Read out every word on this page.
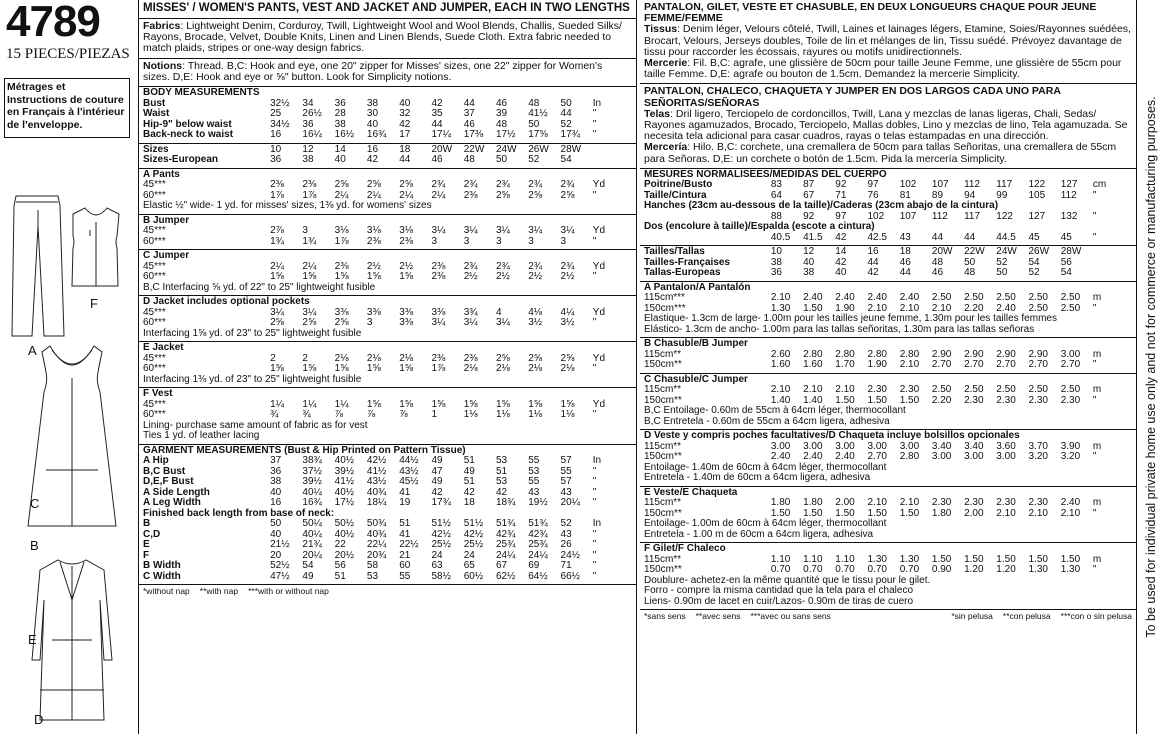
4789
15 PIECES/PIEZAS
Métrages et Instructions de couture en Français à l'intérieur de l'enveloppe.
A
F
C
B
E
D
MISSES' / WOMEN'S PANTS, VEST AND JACKET AND JUMPER, EACH IN TWO LENGTHS
Fabrics: Lightweight Denim, Corduroy, Twill, Lightweight Wool and Wool Blends, Challis, Sueded Silks/ Rayons, Brocade, Velvet, Double Knits, Linen and Linen Blends, Suede Cloth. Extra fabric needed to match plaids, stripes or one-way design fabrics.
Notions: Thread. B,C: Hook and eye, one 20" zipper for Misses' sizes, one 22" zipper for Women's sizes. D,E: Hook and eye or ⅝" button. Look for Simplicity notions.
BODY MEASUREMENTS											
Bust	32½	34	36	38	40	42	44	46	48	50	In
Waist	25	26½	28	30	32	35	37	39	41½	44	"
Hip-9" below waist	34½	36	38	40	42	44	46	48	50	52	"
Back-neck to waist	16	16¼	16½	16¾	17	17¼	17⅜	17½	17⅝	17¾	"
Sizes	10	12	14	16	18	20W	22W	24W	26W	28W	
Sizes-European	36	38	40	42	44	46	48	50	52	54	
A Pants											
45***	2⅜	2⅜	2⅝	2⅝	2⅝	2¾	2¾	2¾	2¾	2¾	Yd
60***	1⅞	1⅞	2¼	2¼	2¼	2¼	2⅜	2⅝	2⅝	2⅝	"
Elastic ½" wide- 1 yd. for misses' sizes, 1⅜ yd. for womens' sizes											
B Jumper											
45***	2⅞	3	3⅛	3⅛	3⅛	3¼	3¼	3¼	3¼	3¼	Yd
60***	1¾	1¾	1⅞	2⅜	2⅜	3	3	3	3	3	"
C Jumper											
45***	2¼	2¼	2⅜	2½	2½	2⅜	2¾	2¾	2¾	2¾	Yd
60***	1⅝	1⅝	1⅝	1⅝	1⅝	2⅜	2½	2½	2½	2½	"
B,C Interfacing ⅝ yd. of 22" to 25" lightweight fusible											
D Jacket includes optional pockets											
45***	3¼	3¼	3⅜	3⅜	3⅜	3⅜	3¾	4	4⅛	4¼	Yd
60***	2⅝	2⅝	2⅝	3	3⅜	3¼	3¼	3¼	3½	3½	"
Interfacing 1⅝ yd. of 23" to 25" lightweight fusible											
E Jacket											
45***	2	2	2⅛	2⅛	2⅛	2⅜	2⅜	2⅝	2⅝	2⅝	Yd
60***	1⅝	1⅝	1⅝	1⅝	1⅝	1⅞	2⅛	2⅛	2⅛	2⅛	"
Interfacing 1⅜ yd. of 23" to 25" lightweight fusible											
F Vest											
45***	1¼	1¼	1¼	1⅝	1⅝	1⅝	1⅝	1⅝	1⅝	1⅝	Yd
60***	¾	¾	⅞	⅞	⅞	1	1⅛	1⅛	1⅛	1⅛	"
Lining- purchase same amount of fabric as for vest											
Ties 1 yd. of leather lacing											
GARMENT MEASUREMENTS (Bust & Hip Printed on Pattern Tissue)											
A Hip	37	38¾	40½	42½	44½	49	51	53	55	57	In
B,C Bust	36	37½	39½	41½	43½	47	49	51	53	55	"
D,E,F Bust	38	39½	41½	43½	45½	49	51	53	55	57	"
A Side Length	40	40¼	40½	40¾	41	42	42	42	43	43	"
A Leg Width	16	16¾	17½	18¼	19	17¾	18	18¾	19½	20¼	"
Finished back length from base of neck:											
B	50	50¼	50½	50¾	51	51½	51½	51¾	51¾	52	In
C,D	40	40¼	40½	40¾	41	42½	42½	42¾	42¾	43	"
E	21½	21¾	22	22¼	22½	25½	25½	25¾	25¾	26	"
F	20	20¼	20½	20¾	21	24	24	24¼	24¼	24½	"
B Width	52½	54	56	58	60	63	65	67	69	71	"
C Width	47½	49	51	53	55	58½	60½	62½	64½	66½	"
*without nap **with nap ***with or without nap
PANTALON, GILET, VESTE ET CHASUBLE, EN DEUX LONGUEURS CHAQUE POUR JEUNE FEMME/FEMME
Tissus: Denim léger, Velours côtelé, Twill, Laines et lainages légers, Etamine, Soies/Rayonnes suédées, Brocart, Velours, Jerseys doubles, Toile de lin et mélanges de lin, Tissu suédé. Prévoyez davantage de tissu pour raccorder les écossais, rayures ou motifs unidirectionnels.
Mercerie: Fil. B,C: agrafe, une glissière de 50cm pour taille Jeune Femme, une glissière de 55cm pour taille Femme. D,E: agrafe ou bouton de 1.5cm. Demandez la mercerie Simplicity.
PANTALON, CHALECO, CHAQUETA Y JUMPER EN DOS LARGOS CADA UNO PARA SEÑORITAS/SEÑORAS
Telas: Dril ligero, Terciopelo de cordoncillos, Twill, Lana y mezclas de lanas ligeras, Chali, Sedas/ Rayones agamuzados, Brocado, Terciopelo, Mallas dobles, Lino y mezclas de lino, Tela agamuzada. Se necesita tela adicional para casar cuadros, rayas o telas estampadas en una dirección.
Mercería: Hilo. B,C: corchete, una cremallera de 50cm para tallas Señoritas, una cremallera de 55cm para Señoras. D,E: un corchete o botón de 1.5cm. Pida la mercería Simplicity.
MESURES NORMALISEES/MEDIDAS DEL CUERPO											
Poitrine/Busto	83	87	92	97	102	107	112	117	122	127	cm
Taille/Cintura	64	67	71	76	81	89	94	99	105	112	"
Hanches (23cm au-dessous de la taille)/Caderas (23cm abajo de la cintura)											
	88	92	97	102	107	112	117	122	127	132	"
Dos (encolure à taille)/Espalda (escote a cintura)											
	40.5	41.5	42	42.5	43	44	44	44.5	45	45	"
Tailles/Tallas	10	12	14	16	18	20W	22W	24W	26W	28W	
Tailles-Françaises	38	40	42	44	46	48	50	52	54	56	
Tallas-Europeas	36	38	40	42	44	46	48	50	52	54	
A Pantalon/A Pantalón											
115cm***	2.10	2.40	2.40	2.40	2.40	2.50	2.50	2.50	2.50	2.50	m
150cm***	1.30	1.50	1.90	2.10	2.10	2.10	2.20	2.40	2.50	2.50	"
Elastique- 1.3cm de large- 1.00m pour les tailles jeune femme, 1.30m pour les tailles femmes											
Elástico- 1.3cm de ancho- 1.00m para las tallas señoritas, 1.30m para las tallas señoras											
B Chasuble/B Jumper											
115cm**	2.60	2.80	2.80	2.80	2.80	2.90	2.90	2.90	2.90	3.00	m
150cm**	1.60	1.60	1.70	1.90	2.10	2.70	2.70	2.70	2.70	2.70	"
C Chasuble/C Jumper											
115cm**	2.10	2.10	2.10	2.30	2.30	2.50	2.50	2.50	2.50	2.50	m
150cm**	1.40	1.40	1.50	1.50	1.50	2.20	2.30	2.30	2.30	2.30	"
B,C Entoilage- 0.60m de 55cm à 64cm léger, thermocollant											
B,C Entretela - 0.60m de 55cm a 64cm ligera, adhesiva											
D Veste y compris poches facultatives/D Chaqueta incluye bolsillos opcionales											
115cm**	3.00	3.00	3.00	3.00	3.00	3.40	3.40	3.60	3.70	3.90	m
150cm**	2.40	2.40	2.40	2.70	2.80	3.00	3.00	3.00	3.20	3.20	"
Entoilage- 1.40m de 60cm à 64cm léger, thermocollant											
Entretela - 1.40m de 60cm a 64cm ligera, adhesiva											
E Veste/E Chaqueta											
115cm**	1.80	1.80	2.00	2.10	2.10	2.30	2.30	2.30	2.30	2.40	m
150cm**	1.50	1.50	1.50	1.50	1.50	1.80	2.00	2.10	2.10	2.10	"
Entoilage- 1.00m de 60cm à 64cm léger, thermocollant											
Entretela - 1.00 m de 60cm a 64cm ligera, adhesiva											
F Gilet/F Chaleco											
115cm**	1.10	1.10	1.10	1.30	1.30	1.50	1.50	1.50	1.50	1.50	m
150cm**	0.70	0.70	0.70	0.70	0.70	0.90	1.20	1.20	1.30	1.30	"
Doublure- achetez-en la même quantité que le tissu pour le gilet.											
Forro - compre la misma cantidad que la tela para el chaleco											
Liens- 0.90m de lacet en cuir/Lazos- 0.90m de tiras de cuero											
*sans sens **avec sens ***avec ou sans sens	*sin pelusa **con pelusa ***con o sin pelusa To be used for individual private home use only and not for commerce or manufacturing purposes.
